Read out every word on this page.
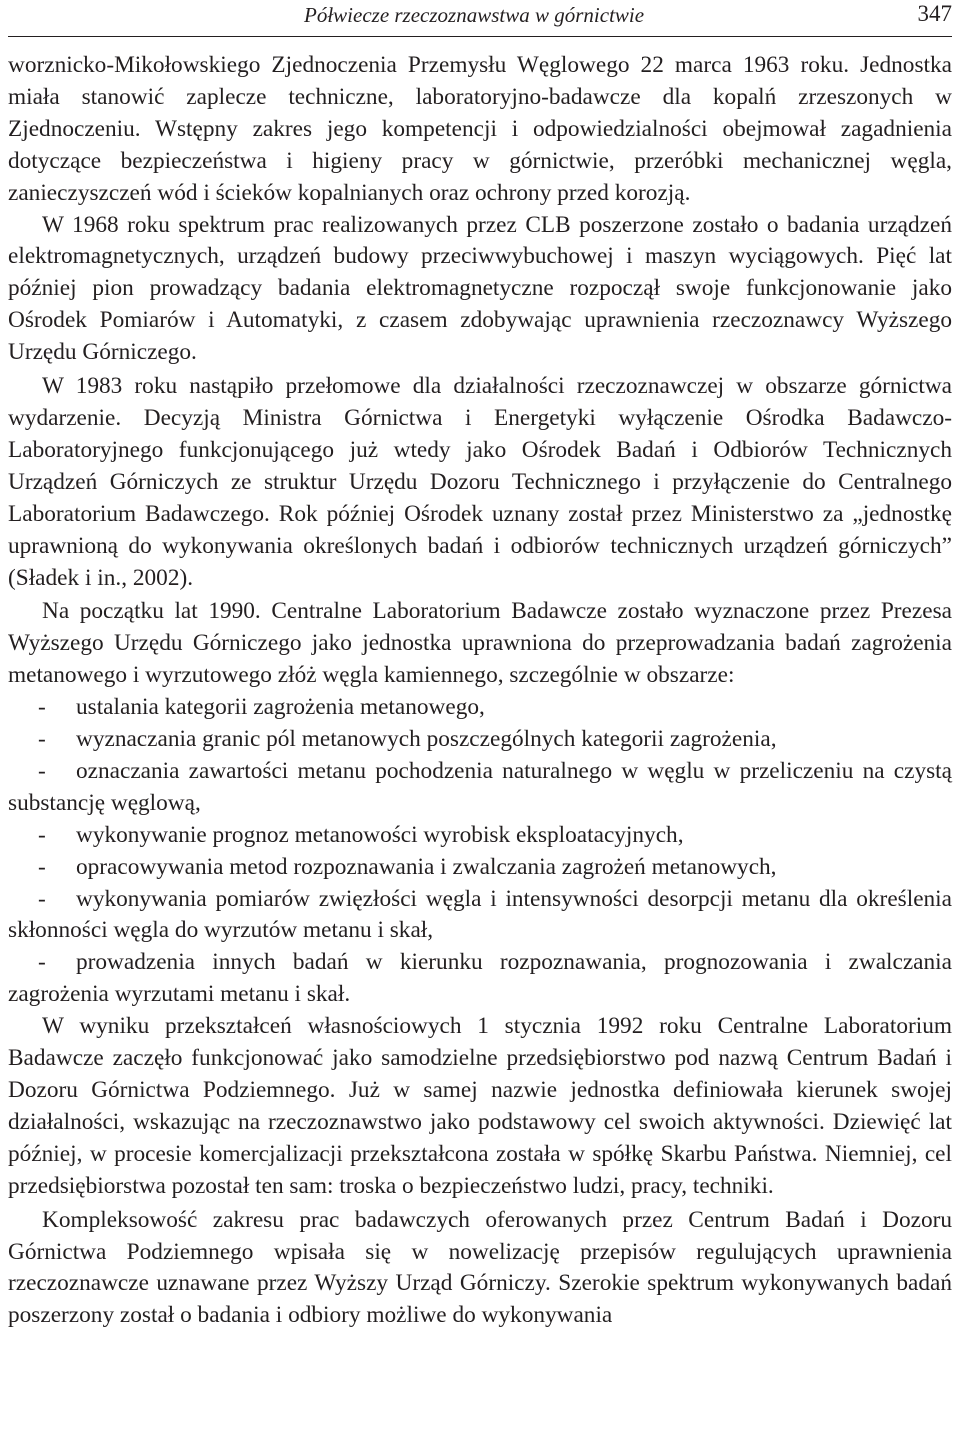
Półwiecze rzeczoznawstwa w górnictwie	347

worznicko-Mikołowskiego Zjednoczenia Przemysłu Węglowego 22 marca 1963 roku. Jednostka miała stanowić zaplecze techniczne, laboratoryjno-badawcze dla kopalń zrzeszonych w Zjednoczeniu. Wstępny zakres jego kompetencji i odpowiedzialności obejmował zagadnienia dotyczące bezpieczeństwa i higieny pracy w górnictwie, przeróbki mechanicznej węgla, zanieczyszczeń wód i ścieków kopalnianych oraz ochrony przed korozją.

W 1968 roku spektrum prac realizowanych przez CLB poszerzone zostało o badania urządzeń elektromagnetycznych, urządzeń budowy przeciwwybuchowej i maszyn wyciągowych. Pięć lat później pion prowadzący badania elektromagnetyczne rozpoczął swoje funkcjonowanie jako Ośrodek Pomiarów i Automatyki, z czasem zdobywając uprawnienia rzeczoznawcy Wyższego Urzędu Górniczego.

W 1983 roku nastąpiło przełomowe dla działalności rzeczoznawczej w obszarze górnictwa wydarzenie. Decyzją Ministra Górnictwa i Energetyki wyłączenie Ośrodka Badawczo-Laboratoryjnego funkcjonującego już wtedy jako Ośrodek Badań i Odbiorów Technicznych Urządzeń Górniczych ze struktur Urzędu Dozoru Technicznego i przyłączenie do Centralnego Laboratorium Badawczego. Rok później Ośrodek uznany został przez Ministerstwo za „jednostkę uprawnioną do wykonywania określonych badań i odbiorów technicznych urządzeń górniczych” (Sładek i in., 2002).

Na początku lat 1990. Centralne Laboratorium Badawcze zostało wyznaczone przez Prezesa Wyższego Urzędu Górniczego jako jednostka uprawniona do przeprowadzania badań zagrożenia metanowego i wyrzutowego złóż węgla kamiennego, szczególnie w obszarze:

- ustalania kategorii zagrożenia metanowego,

- wyznaczania granic pól metanowych poszczególnych kategorii zagrożenia,

- oznaczania zawartości metanu pochodzenia naturalnego w węglu w przeliczeniu na czystą substancję węglową,

- wykonywanie prognoz metanowości wyrobisk eksploatacyjnych,

- opracowywania metod rozpoznawania i zwalczania zagrożeń metanowych,

- wykonywania pomiarów zwięzłości węgla i intensywności desorpcji metanu dla określenia skłonności węgla do wyrzutów metanu i skał,

- prowadzenia innych badań w kierunku rozpoznawania, prognozowania i zwalczania zagrożenia wyrzutami metanu i skał.

W wyniku przekształceń własnościowych 1 stycznia 1992 roku Centralne Laboratorium Badawcze zaczęło funkcjonować jako samodzielne przedsiębiorstwo pod nazwą Centrum Badań i Dozoru Górnictwa Podziemnego. Już w samej nazwie jednostka definiowała kierunek swojej działalności, wskazując na rzeczoznawstwo jako podstawowy cel swoich aktywności. Dziewięć lat później, w procesie komercjalizacji przekształcona została w spółkę Skarbu Państwa. Niemniej, cel przedsiębiorstwa pozostał ten sam: troska o bezpieczeństwo ludzi, pracy, techniki.

Kompleksowość zakresu prac badawczych oferowanych przez Centrum Badań i Dozoru Górnictwa Podziemnego wpisała się w nowelizację przepisów regulujących uprawnienia rzeczoznawcze uznawane przez Wyższy Urząd Górniczy. Szerokie spektrum wykonywanych badań poszerzony został o badania i odbiory możliwe do wykonywania
